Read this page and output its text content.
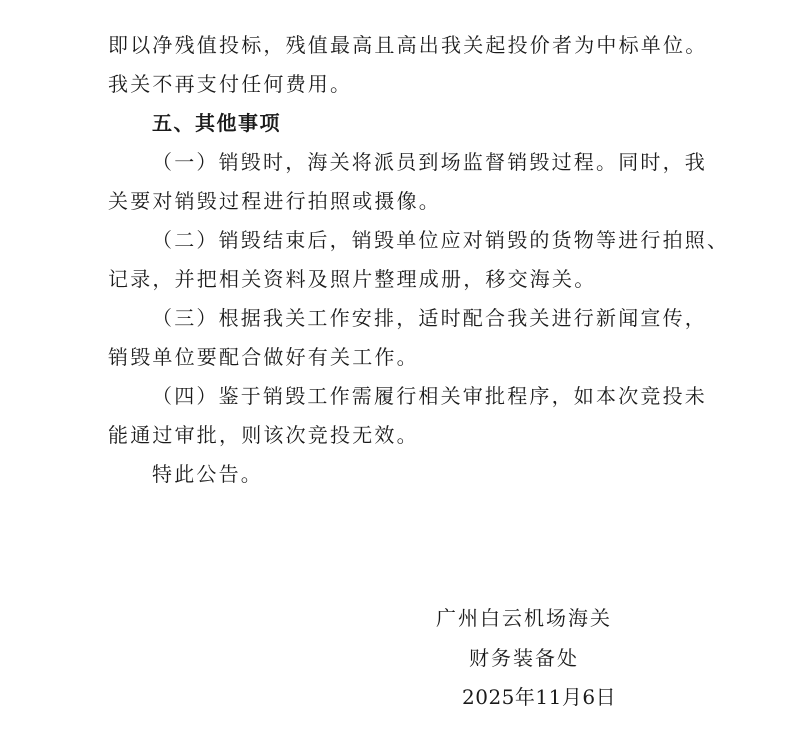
即以净残值投标，残值最高且高出我关起投价者为中标单位。
我关不再支付任何费用。
五、其他事项
（一）销毁时，海关将派员到场监督销毁过程。同时，我
关要对销毁过程进行拍照或摄像。
（二）销毁结束后，销毁单位应对销毁的货物等进行拍照、
记录，并把相关资料及照片整理成册，移交海关。
（三）根据我关工作安排，适时配合我关进行新闻宣传，
销毁单位要配合做好有关工作。
（四）鉴于销毁工作需履行相关审批程序，如本次竞投未
能通过审批，则该次竞投无效。
特此公告。
广州白云机场海关
财务装备处
2025年11月6日
